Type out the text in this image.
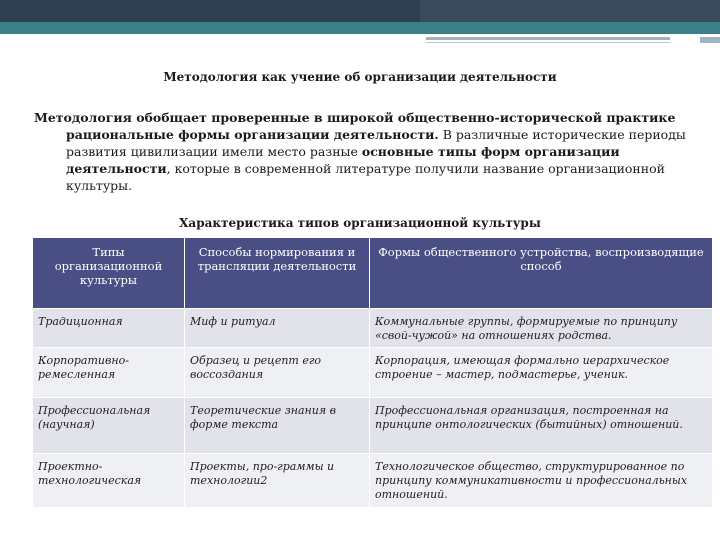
Методология как учение об организации деятельности
Методология обобщает проверенные в широкой общественно-исторической практике
рациональные формы организации деятельности. В различные исторические периоды
развития цивилизации имели место разные основные типы форм организации
деятельности, которые в современной литературе получили название организационной
культуры.
Характеристика типов организационной культуры
Типы организационной культуры	Способы нормирования и трансляции деятельности	Формы общественного устройства, воспроизводящие способ
Традиционная	Миф и ритуал	Коммунальные группы, формируемые по принципу «свой-чужой» на отношениях родства.
Корпоративно-ремесленная	Образец и рецепт его воссоздания	Корпорация, имеющая формально иерархическое строение – мастер, подмастерье, ученик.
Профессиональная (научная)	Теоретические знания в форме текста	Профессиональная организация, построенная на принципе онтологических (бытийных) отношений.
Проектно-технологическая	Проекты, про-граммы и технологии2	Технологическое общество, структурированное по принципу коммуникативности и профессиональных отношений.
